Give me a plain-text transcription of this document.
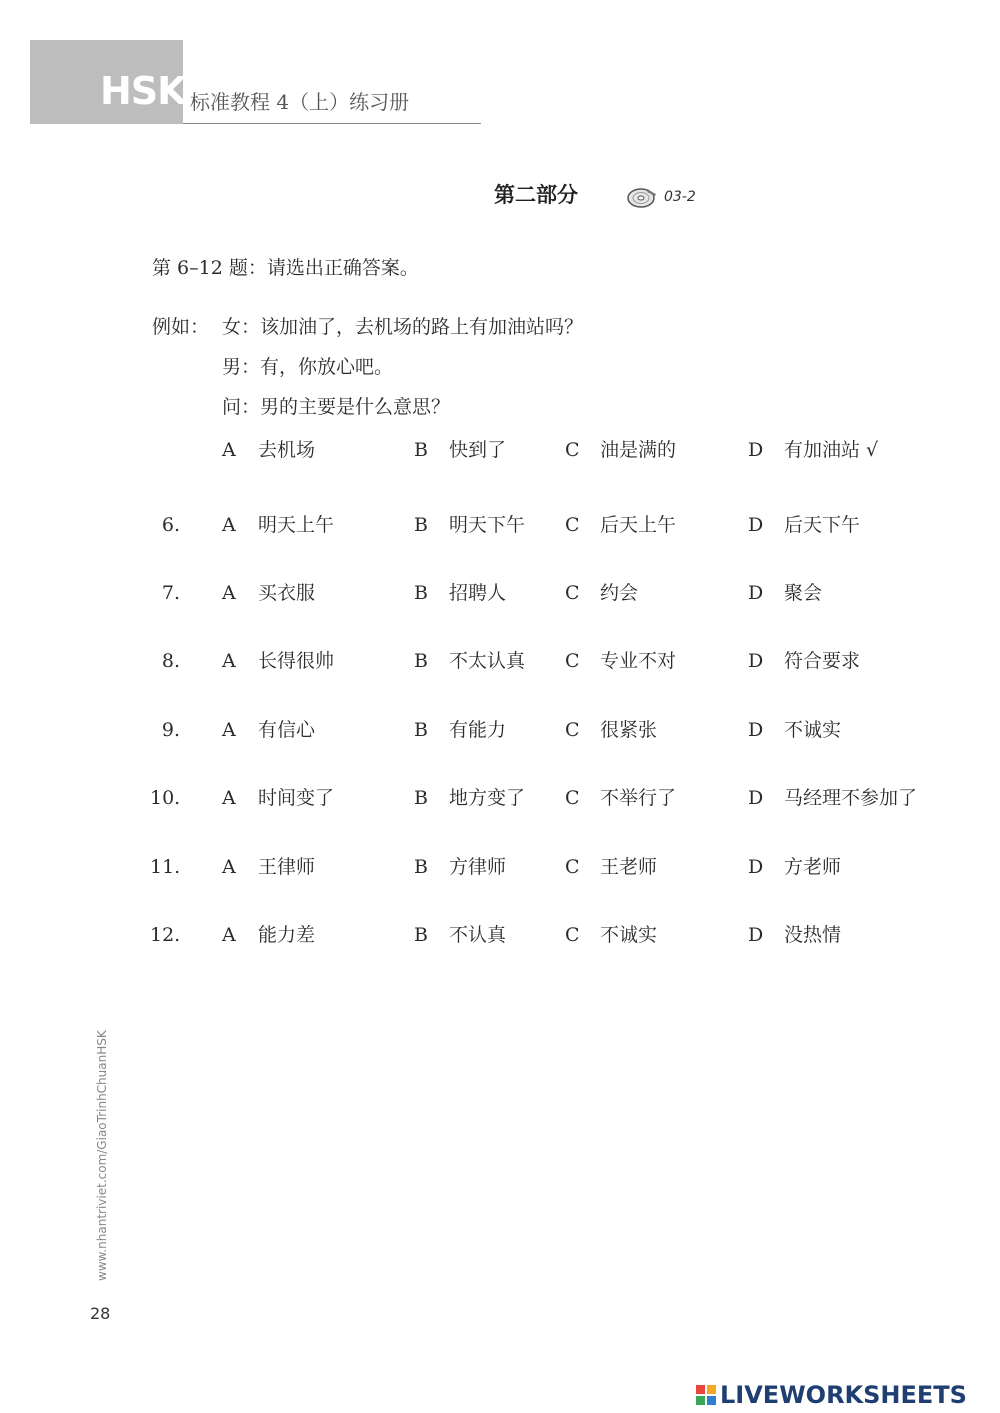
HSK 标准教程 4（上）练习册
第二部分	03-2
第 6–12 题：请选出正确答案。
例如： 女：该加油了，去机场的路上有加油站吗？
男：有，你放心吧。
问：男的主要是什么意思？
A 去机场	B 快到了	C 油是满的	D 有加油站 √
6. A 明天上午	B 明天下午 C 后天上午	D 后天下午
7. A 买衣服	B 招聘人	C 约会	D 聚会
8. A 长得很帅	B 不太认真 C 专业不对	D 符合要求
9. A 有信心	B 有能力	C 很紧张	D 不诚实
10. A 时间变了	B 地方变了 C 不举行了	D 马经理不参加了
11. A 王律师	B 方律师	C 王老师	D 方老师
12. A 能力差	B 不认真	C 不诚实	D 没热情
www.nhantriviet.com/GiaoTrinhChuanHSK
28
LIVEWORKSHEETS
